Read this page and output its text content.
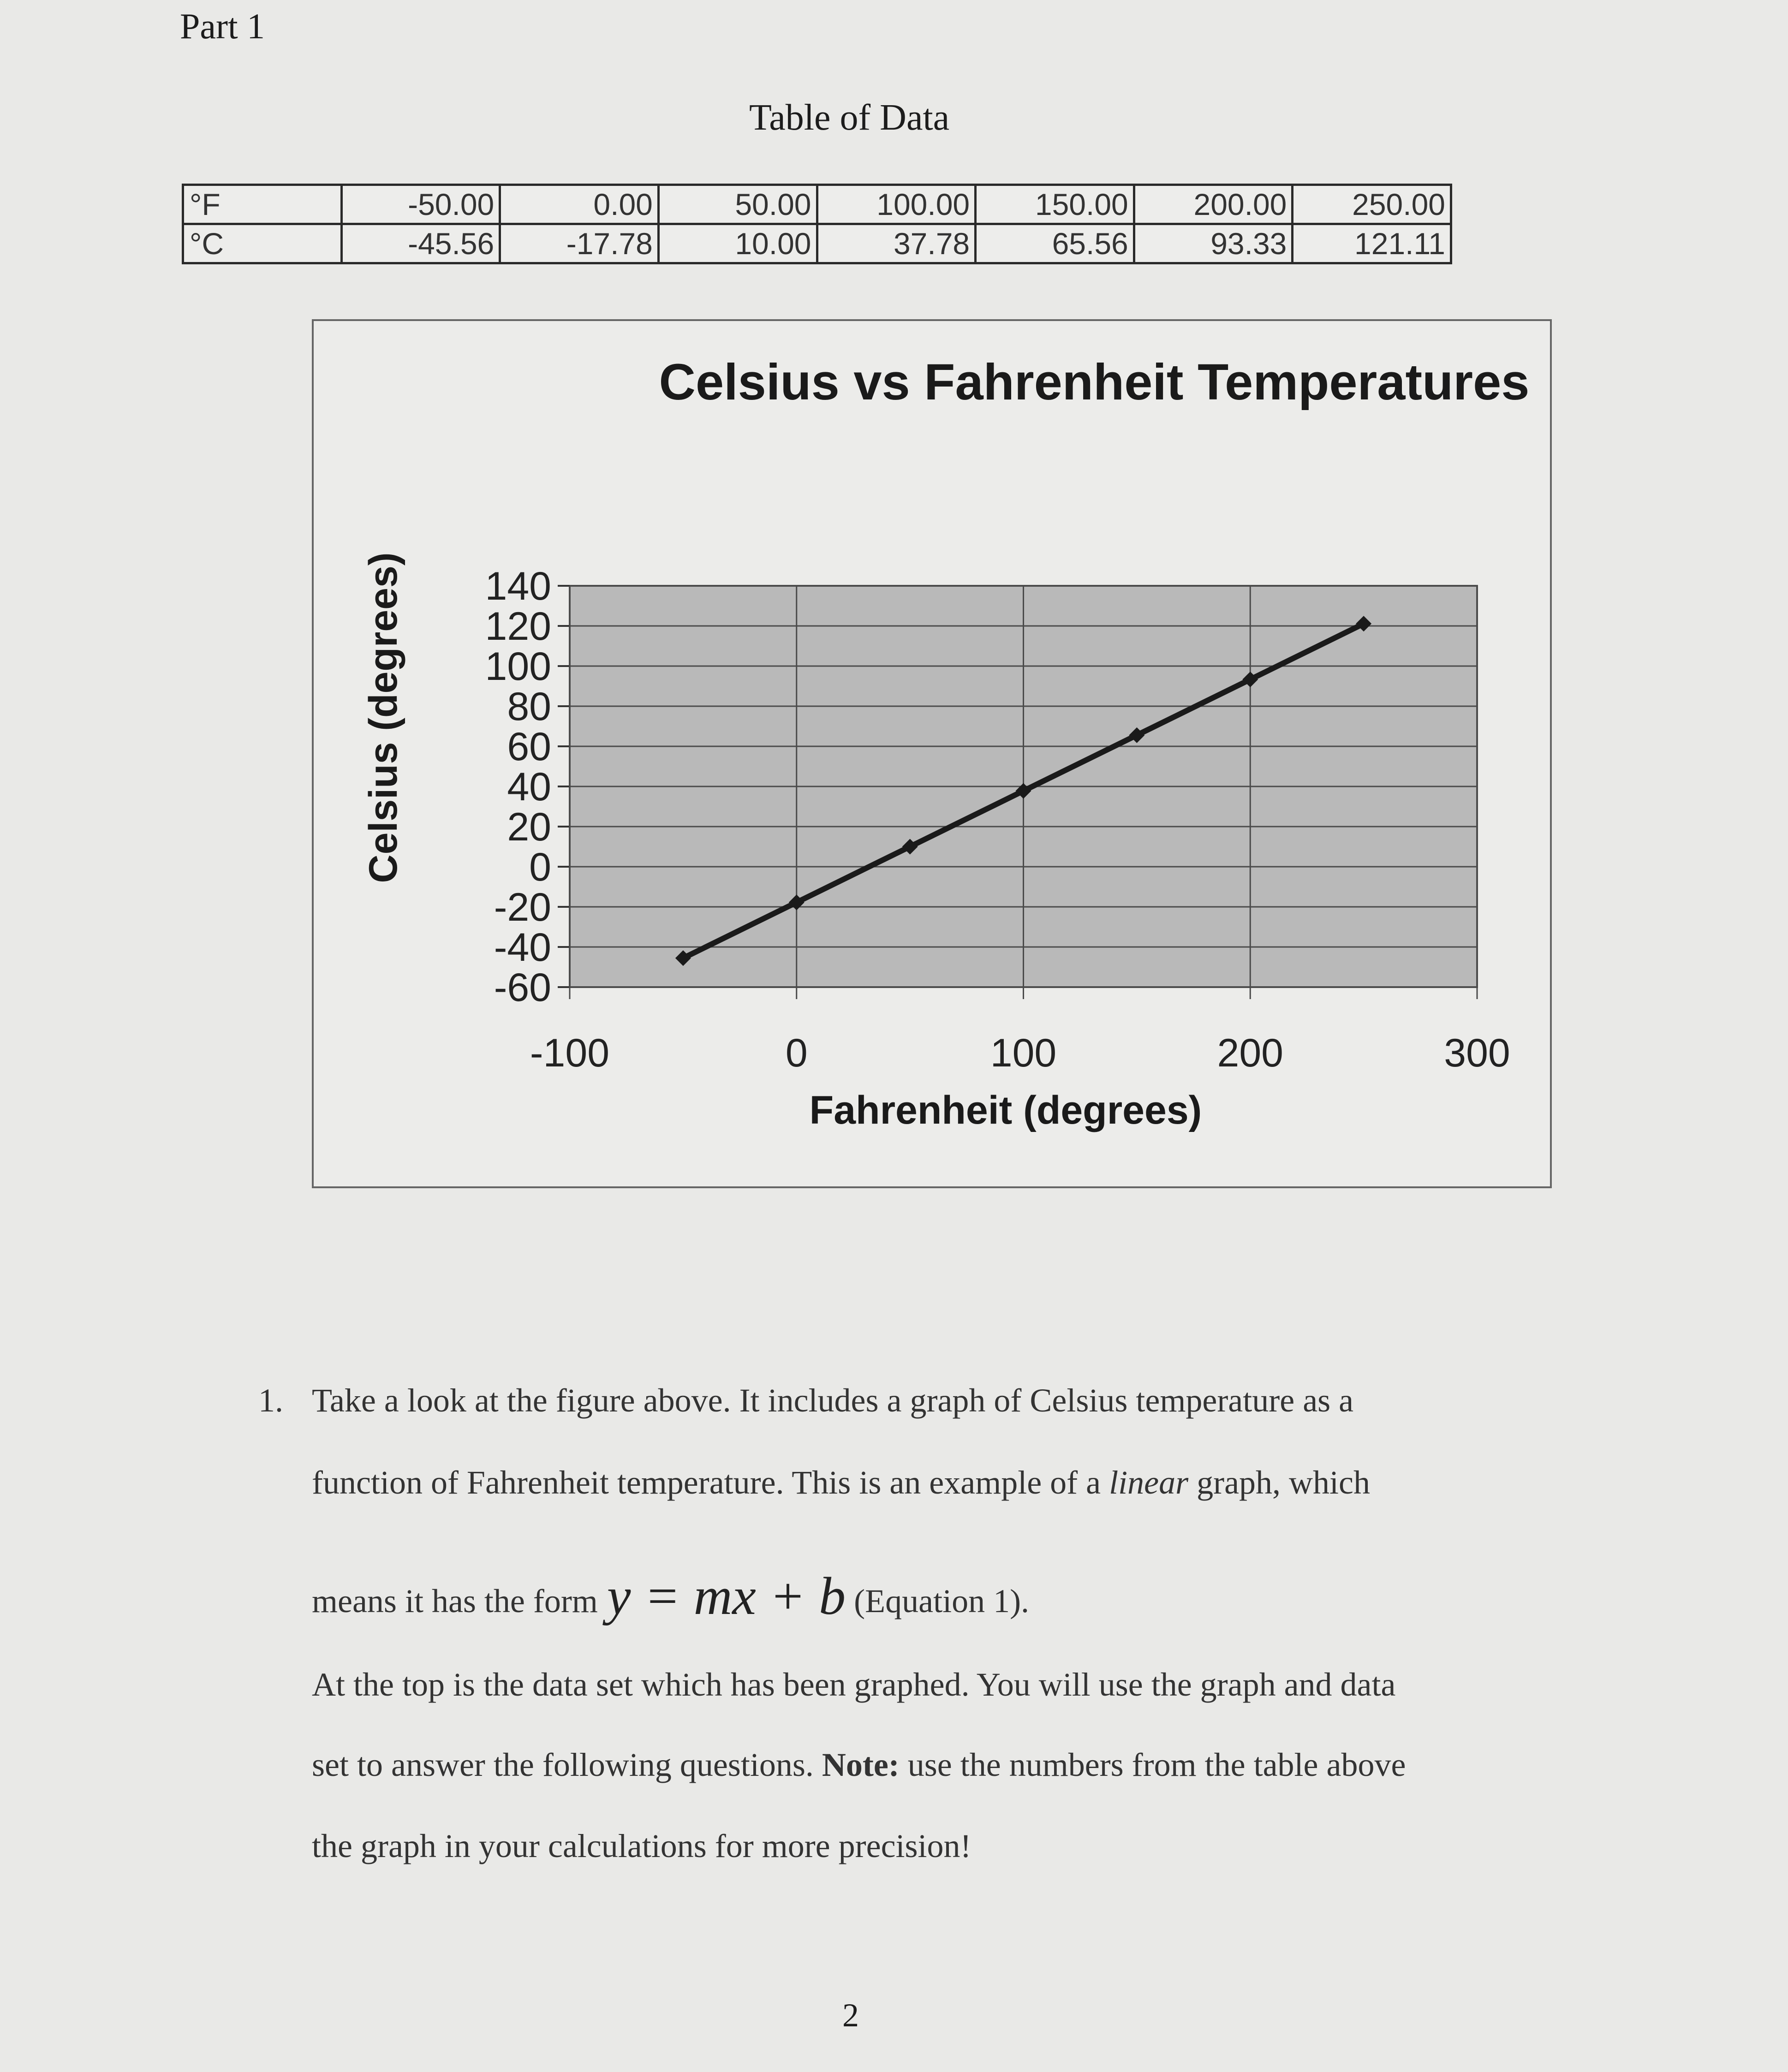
Part 1
Table of Data
°F	-50.00	0.00	50.00	100.00	150.00	200.00	250.00
°C	-45.56	-17.78	10.00	37.78	65.56	93.33	121.11
Celsius vs Fahrenheit Temperatures
Celsius (degrees)
Fahrenheit (degrees)
140
120
100
80
60
40
20
0
-20
-40
-60
-100	0	100	200	300
1. Take a look at the figure above. It includes a graph of Celsius temperature as a
function of Fahrenheit temperature. This is an example of a linear graph, which
means it has the form y = mx + b (Equation 1).
At the top is the data set which has been graphed. You will use the graph and data
set to answer the following questions. Note: use the numbers from the table above
the graph in your calculations for more precision!
2
